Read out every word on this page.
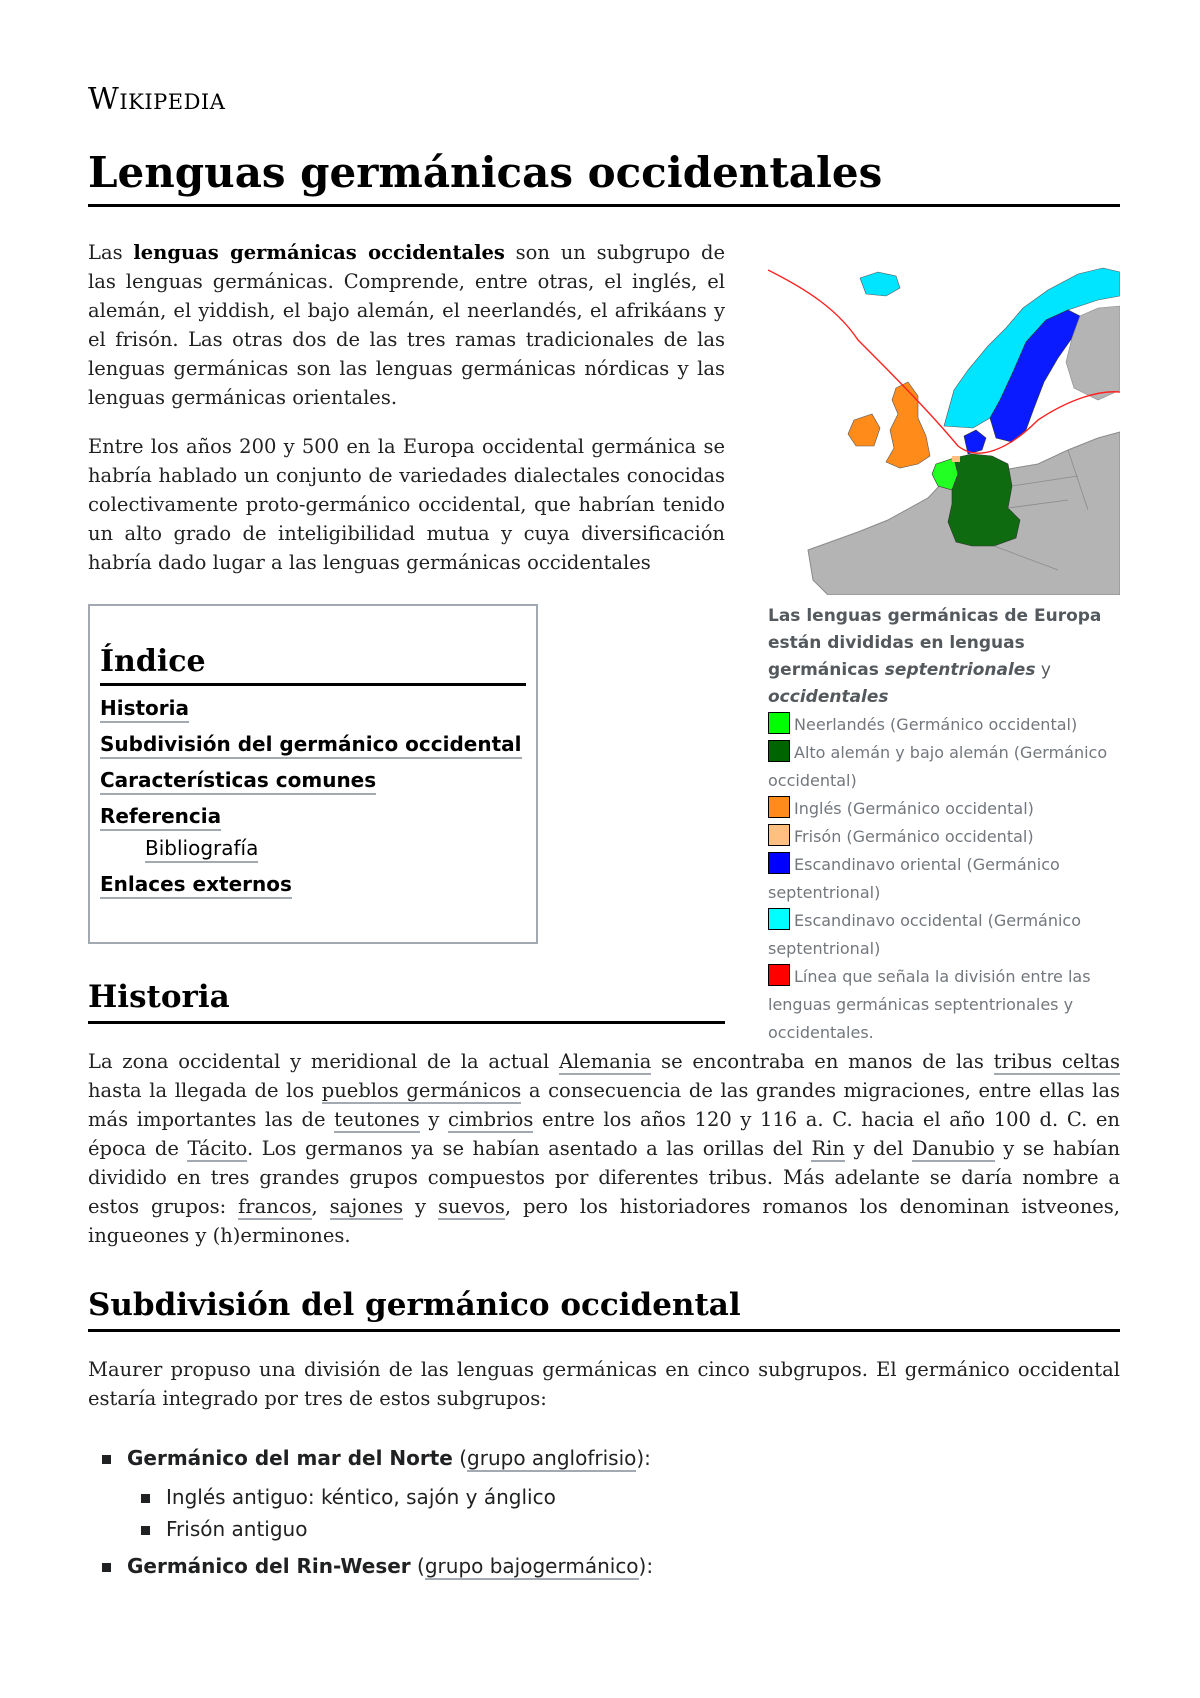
Wikipedia
Lenguas germánicas occidentales

Las lenguas germánicas occidentales son un subgrupo de las lenguas germánicas. Comprende, entre otras, el inglés, el alemán, el yiddish, el bajo alemán, el neerlandés, el afrikáans y el frisón. Las otras dos de las tres ramas tradicionales de las lenguas germánicas son las lenguas germánicas nórdicas y las lenguas germánicas orientales.

Entre los años 200 y 500 en la Europa occidental germánica se habría hablado un conjunto de variedades dialectales conocidas colectivamente proto-germánico occidental, que habrían tenido un alto grado de inteligibilidad mutua y cuya diversificación habría dado lugar a las lenguas germánicas occidentales

Las lenguas germánicas de Europa están divididas en lenguas germánicas septentrionales y occidentales
Neerlandés (Germánico occidental)
Alto alemán y bajo alemán (Germánico occidental)
Inglés (Germánico occidental)
Frisón (Germánico occidental)
Escandinavo oriental (Germánico septentrional)
Escandinavo occidental (Germánico septentrional)
Línea que señala la división entre las lenguas germánicas septentrionales y occidentales.
Índice
Historia
Subdivisión del germánico occidental
Características comunes
Referencia
Bibliografía
Enlaces externos
Historia

La zona occidental y meridional de la actual Alemania se encontraba en manos de las tribus celtas hasta la llegada de los pueblos germánicos a consecuencia de las grandes migraciones, entre ellas las más importantes las de teutones y cimbrios entre los años 120 y 116 a. C. hacia el año 100 d. C. en época de Tácito. Los germanos ya se habían asentado a las orillas del Rin y del Danubio y se habían dividido en tres grandes grupos compuestos por diferentes tribus. Más adelante se daría nombre a estos grupos: francos, sajones y suevos, pero los historiadores romanos los denominan istveones, ingueones y (h)erminones.

Subdivisión del germánico occidental

Maurer propuso una división de las lenguas germánicas en cinco subgrupos. El germánico occidental estaría integrado por tres de estos subgrupos:

Germánico del mar del Norte (grupo anglofrisio):
Inglés antiguo: kéntico, sajón y ánglico
Frisón antiguo
Germánico del Rin-Weser (grupo bajogermánico):
